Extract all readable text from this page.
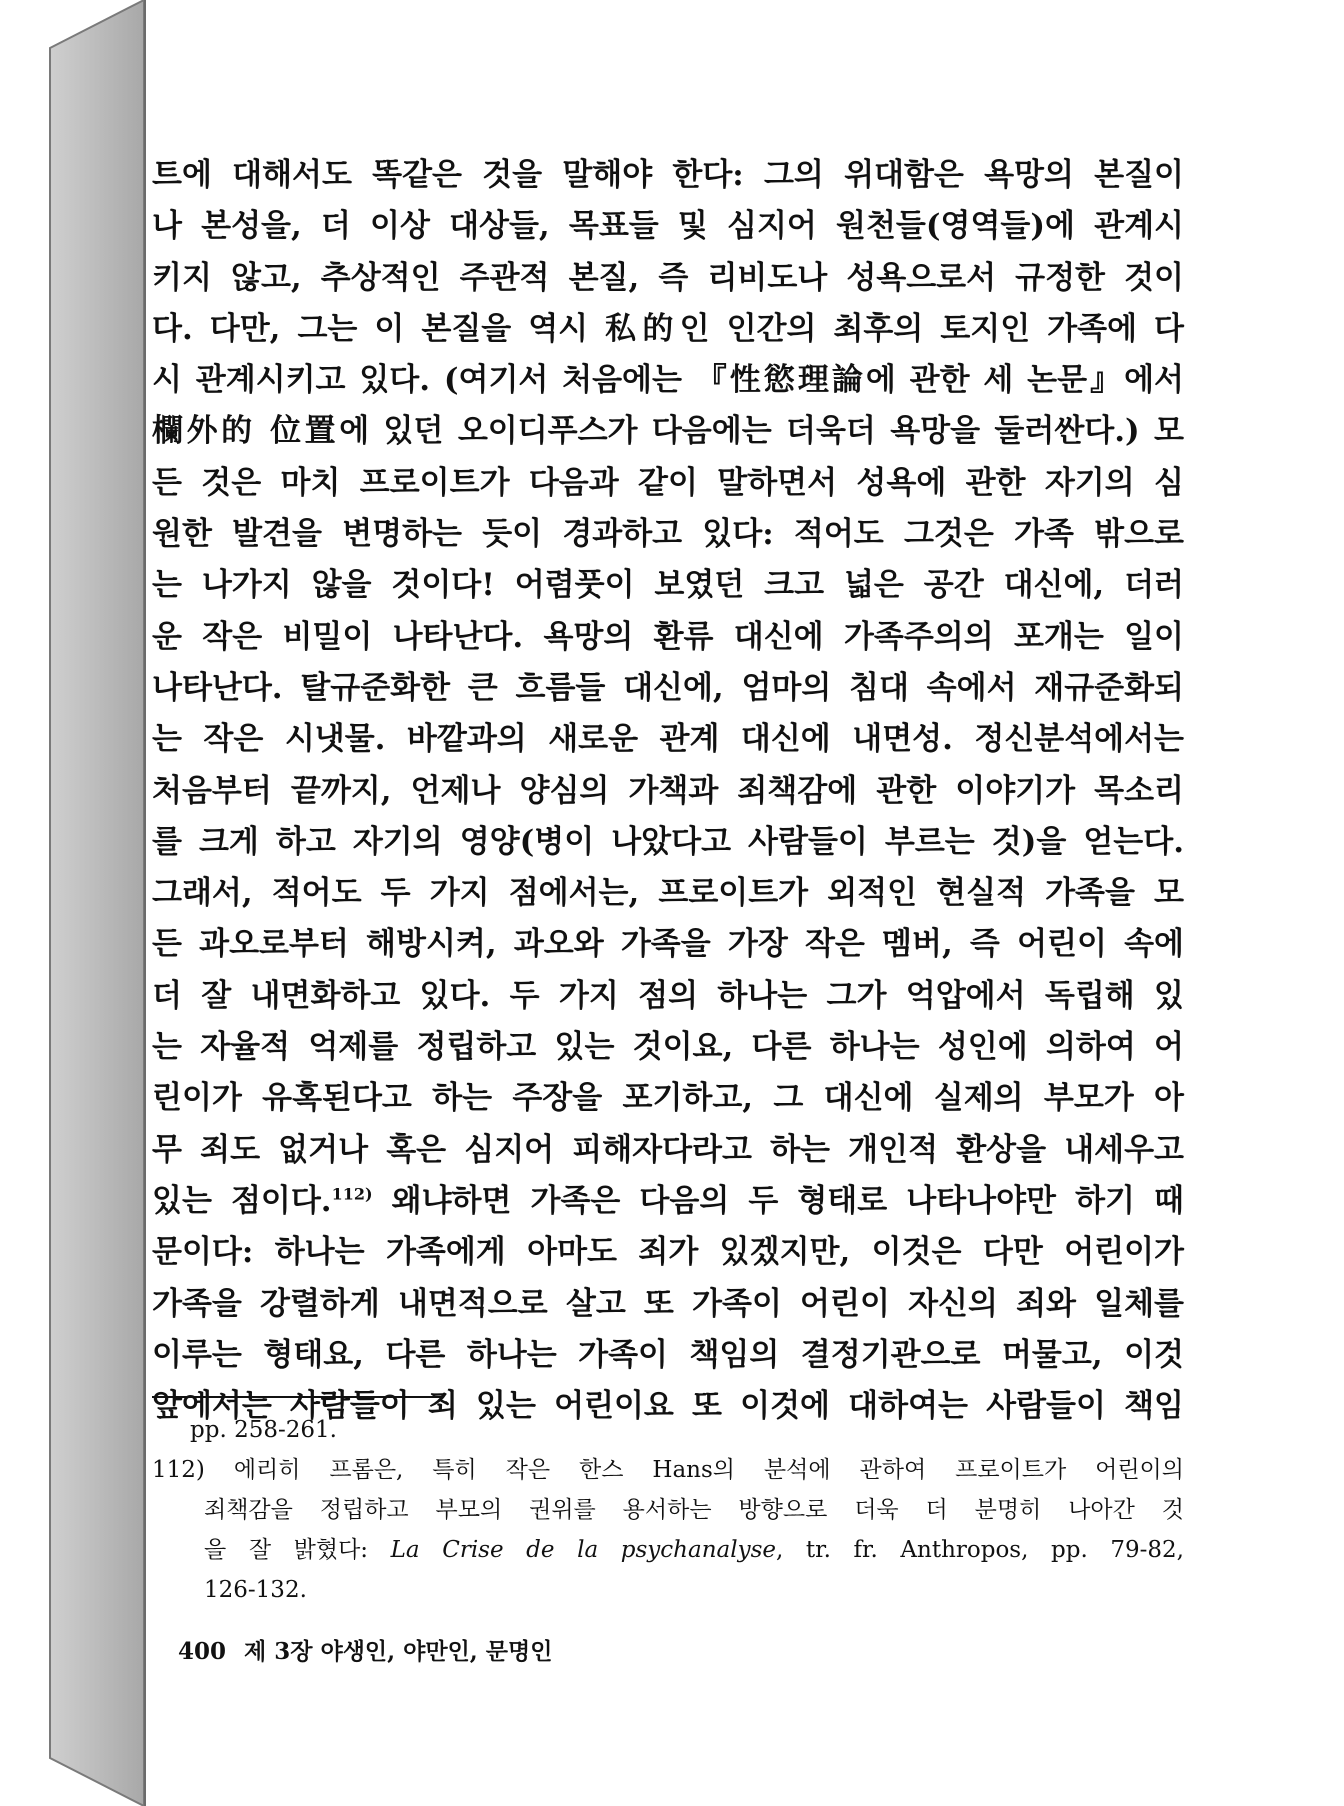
트에 대해서도 똑같은 것을 말해야 한다: 그의 위대함은 욕망의 본질이
나 본성을, 더 이상 대상들, 목표들 및 심지어 원천들(영역들)에 관계시
키지 않고, 추상적인 주관적 본질, 즉 리비도나 성욕으로서 규정한 것이
다. 다만, 그는 이 본질을 역시 私的인 인간의 최후의 토지인 가족에 다
시 관계시키고 있다. (여기서 처음에는 『性慾理論에 관한 세 논문』에서
欄外的 位置에 있던 오이디푸스가 다음에는 더욱더 욕망을 둘러싼다.) 모
든 것은 마치 프로이트가 다음과 같이 말하면서 성욕에 관한 자기의 심
원한 발견을 변명하는 듯이 경과하고 있다: 적어도 그것은 가족 밖으로
는 나가지 않을 것이다! 어렴풋이 보였던 크고 넓은 공간 대신에, 더러
운 작은 비밀이 나타난다. 욕망의 환류 대신에 가족주의의 포개는 일이
나타난다. 탈규준화한 큰 흐름들 대신에, 엄마의 침대 속에서 재규준화되
는 작은 시냇물. 바깥과의 새로운 관계 대신에 내면성. 정신분석에서는
처음부터 끝까지, 언제나 양심의 가책과 죄책감에 관한 이야기가 목소리
를 크게 하고 자기의 영양(병이 나았다고 사람들이 부르는 것)을 얻는다.
그래서, 적어도 두 가지 점에서는, 프로이트가 외적인 현실적 가족을 모
든 과오로부터 해방시켜, 과오와 가족을 가장 작은 멤버, 즉 어린이 속에
더 잘 내면화하고 있다. 두 가지 점의 하나는 그가 억압에서 독립해 있
는 자율적 억제를 정립하고 있는 것이요, 다른 하나는 성인에 의하여 어
린이가 유혹된다고 하는 주장을 포기하고, 그 대신에 실제의 부모가 아
무 죄도 없거나 혹은 심지어 피해자다라고 하는 개인적 환상을 내세우고
있는 점이다.$^{112)}$ 왜냐하면 가족은 다음의 두 형태로 나타나야만 하기 때
문이다: 하나는 가족에게 아마도 죄가 있겠지만, 이것은 다만 어린이가
가족을 강렬하게 내면적으로 살고 또 가족이 어린이 자신의 죄와 일체를
이루는 형태요, 다른 하나는 가족이 책임의 결정기관으로 머물고, 이것
앞에서는 사람들이 죄 있는 어린이요 또 이것에 대하여는 사람들이 책임
pp. 258-261.
112) 에리히 프롬은, 특히 작은 한스 Hans의 분석에 관하여 프로이트가 어린이의
죄책감을 정립하고 부모의 권위를 용서하는 방향으로 더욱 더 분명히 나아간 것
을 잘 밝혔다: La Crise de la psychanalyse, tr. fr. Anthropos, pp. 79-82,
126-132.
400 제 3장 야생인, 야만인, 문명인
